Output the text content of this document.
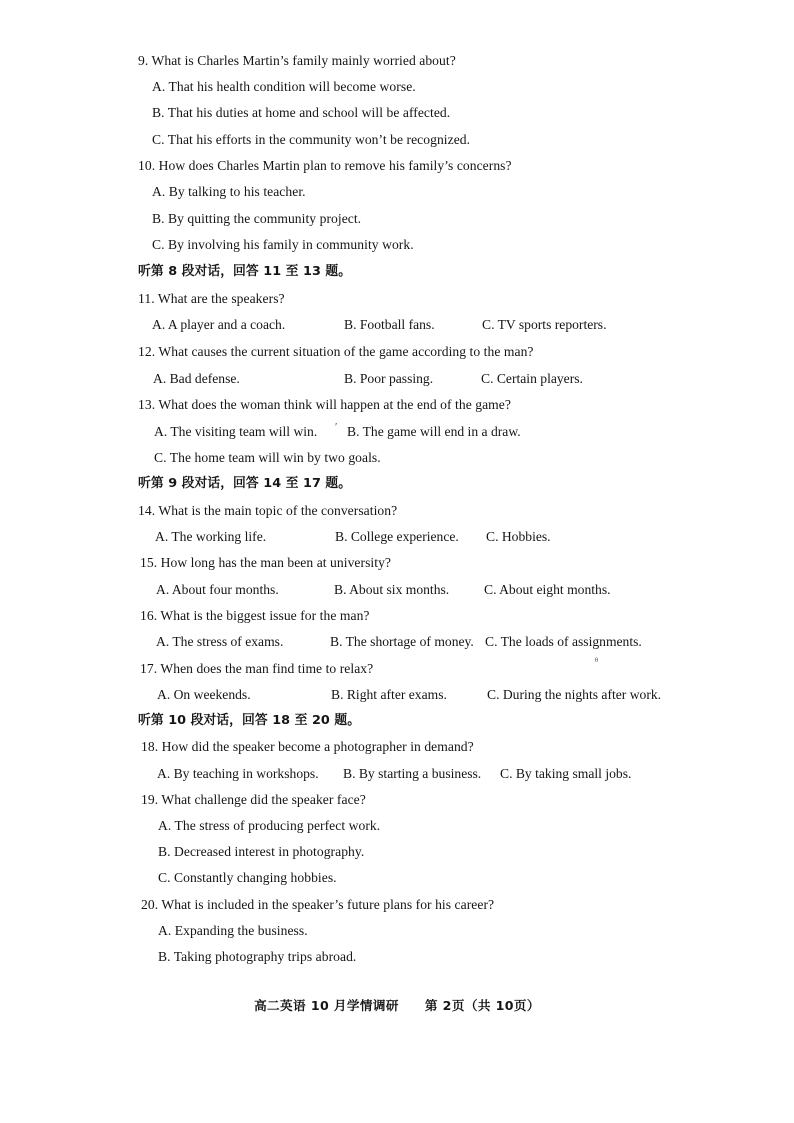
9. What is Charles Martin’s family mainly worried about?
A. That his health condition will become worse.
B. That his duties at home and school will be affected.
C. That his efforts in the community won’t be recognized.
10. How does Charles Martin plan to remove his family’s concerns?
A. By talking to his teacher.
B. By quitting the community project.
C. By involving his family in community work.
听第 8 段对话，回答 11 至 13 题。
11. What are the speakers?
A. A player and a coach.	B. Football fans.	C. TV sports reporters.
12. What causes the current situation of the game according to the man?
A. Bad defense.	B. Poor passing.	C. Certain players.
13. What does the woman think will happen at the end of the game?
A. The visiting team will win. ʹ B. The game will end in a draw.
C. The home team will win by two goals.
听第 9 段对话，回答 14 至 17 题。
14. What is the main topic of the conversation?
A. The working life.	B. College experience. C. Hobbies.
15. How long has the man been at university?
A. About four months.	B. About six months.	C. About eight months.
16. What is the biggest issue for the man?
A. The stress of exams.	B. The shortage of money. C. The loads of assignments.
17. When does the man find time to relax?	ᶿ
A. On weekends.	B. Right after exams.	C. During the nights after work.
听第 10 段对话，回答 18 至 20 题。
18. How did the speaker become a photographer in demand?
A. By teaching in workshops. B. By starting a business. C. By taking small jobs.
19. What challenge did the speaker face?
A. The stress of producing perfect work.
B. Decreased interest in photography.
C. Constantly changing hobbies.
20. What is included in the speaker’s future plans for his career?
A. Expanding the business.
B. Taking photography trips abroad.
高二英语 10 月学情调研　　第 2页（共 10页）
